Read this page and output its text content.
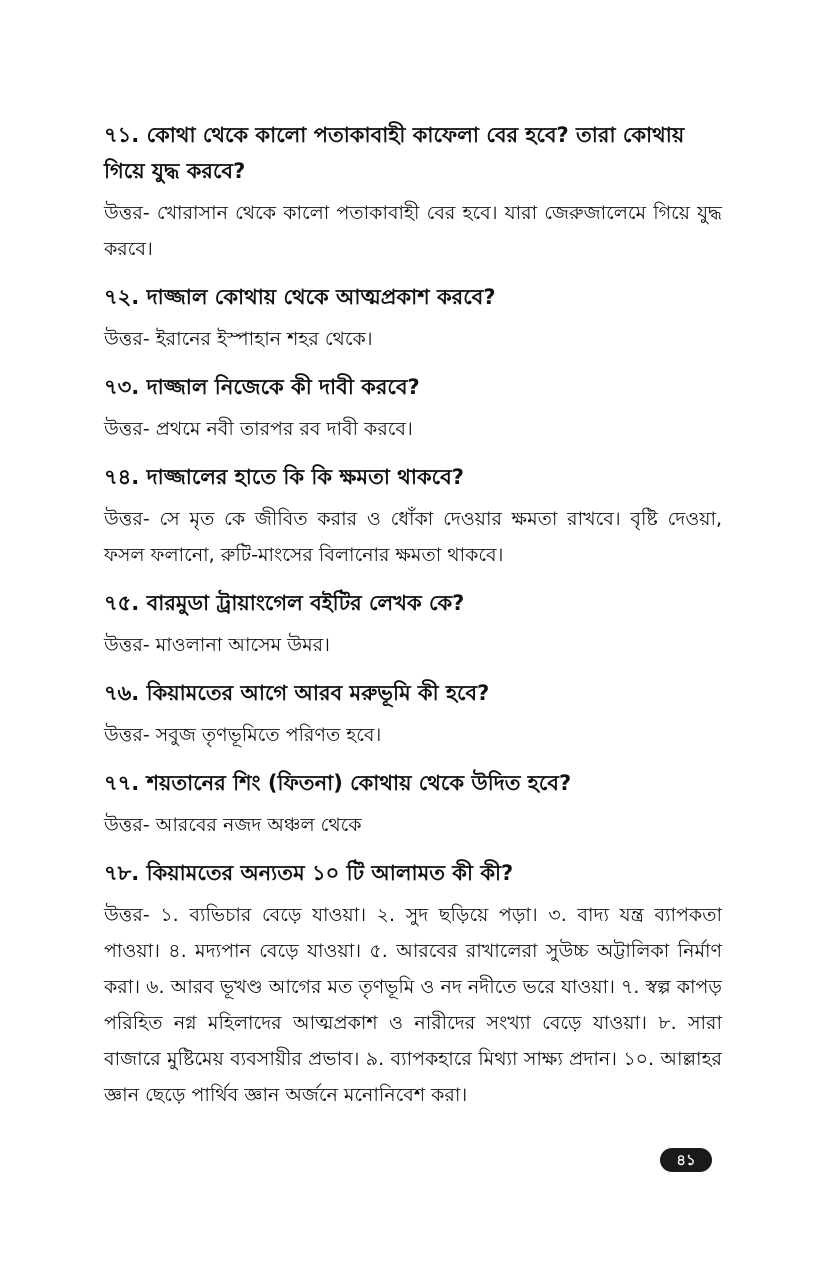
৭১. কোথা থেকে কালো পতাকাবাহী কাফেলা বের হবে? তারা কোথায় গিয়ে যুদ্ধ করবে?

উত্তর- খোরাসান থেকে কালো পতাকাবাহী বের হবে। যারা জেরুজালেমে গিয়ে যুদ্ধ করবে।

৭২. দাজ্জাল কোথায় থেকে আত্মপ্রকাশ করবে?

উত্তর- ইরানের ইস্পাহান শহর থেকে।

৭৩. দাজ্জাল নিজেকে কী দাবী করবে?

উত্তর- প্রথমে নবী তারপর রব দাবী করবে।

৭৪. দাজ্জালের হাতে কি কি ক্ষমতা থাকবে?

উত্তর- সে মৃত কে জীবিত করার ও ধোঁকা দেওয়ার ক্ষমতা রাখবে। বৃষ্টি দেওয়া, ফসল ফলানো, রুটি-মাংসের বিলানোর ক্ষমতা থাকবে।

৭৫. বারমুডা ট্রায়াংগেল বইটির লেখক কে?

উত্তর- মাওলানা আসেম উমর।

৭৬. কিয়ামতের আগে আরব মরুভূমি কী হবে?

উত্তর- সবুজ তৃণভূমিতে পরিণত হবে।

৭৭. শয়তানের শিং (ফিতনা) কোথায় থেকে উদিত হবে?

উত্তর- আরবের নজদ অঞ্চল থেকে

৭৮. কিয়ামতের অন্যতম ১০ টি আলামত কী কী?

উত্তর- ১. ব্যভিচার বেড়ে যাওয়া। ২. সুদ ছড়িয়ে পড়া। ৩. বাদ্য যন্ত্র ব্যাপকতা পাওয়া। ৪. মদ্যপান বেড়ে যাওয়া। ৫. আরবের রাখালেরা সুউচ্চ অট্টালিকা নির্মাণ করা। ৬. আরব ভূখণ্ড আগের মত তৃণভূমি ও নদ নদীতে ভরে যাওয়া। ৭. স্বল্প কাপড় পরিহিত নগ্ন মহিলাদের আত্মপ্রকাশ ও নারীদের সংখ্যা বেড়ে যাওয়া। ৮. সারা বাজারে মুষ্টিমেয় ব্যবসায়ীর প্রভাব। ৯. ব্যাপকহারে মিথ্যা সাক্ষ্য প্রদান। ১০. আল্লাহর জ্ঞান ছেড়ে পার্থিব জ্ঞান অর্জনে মনোনিবেশ করা।

৪১
